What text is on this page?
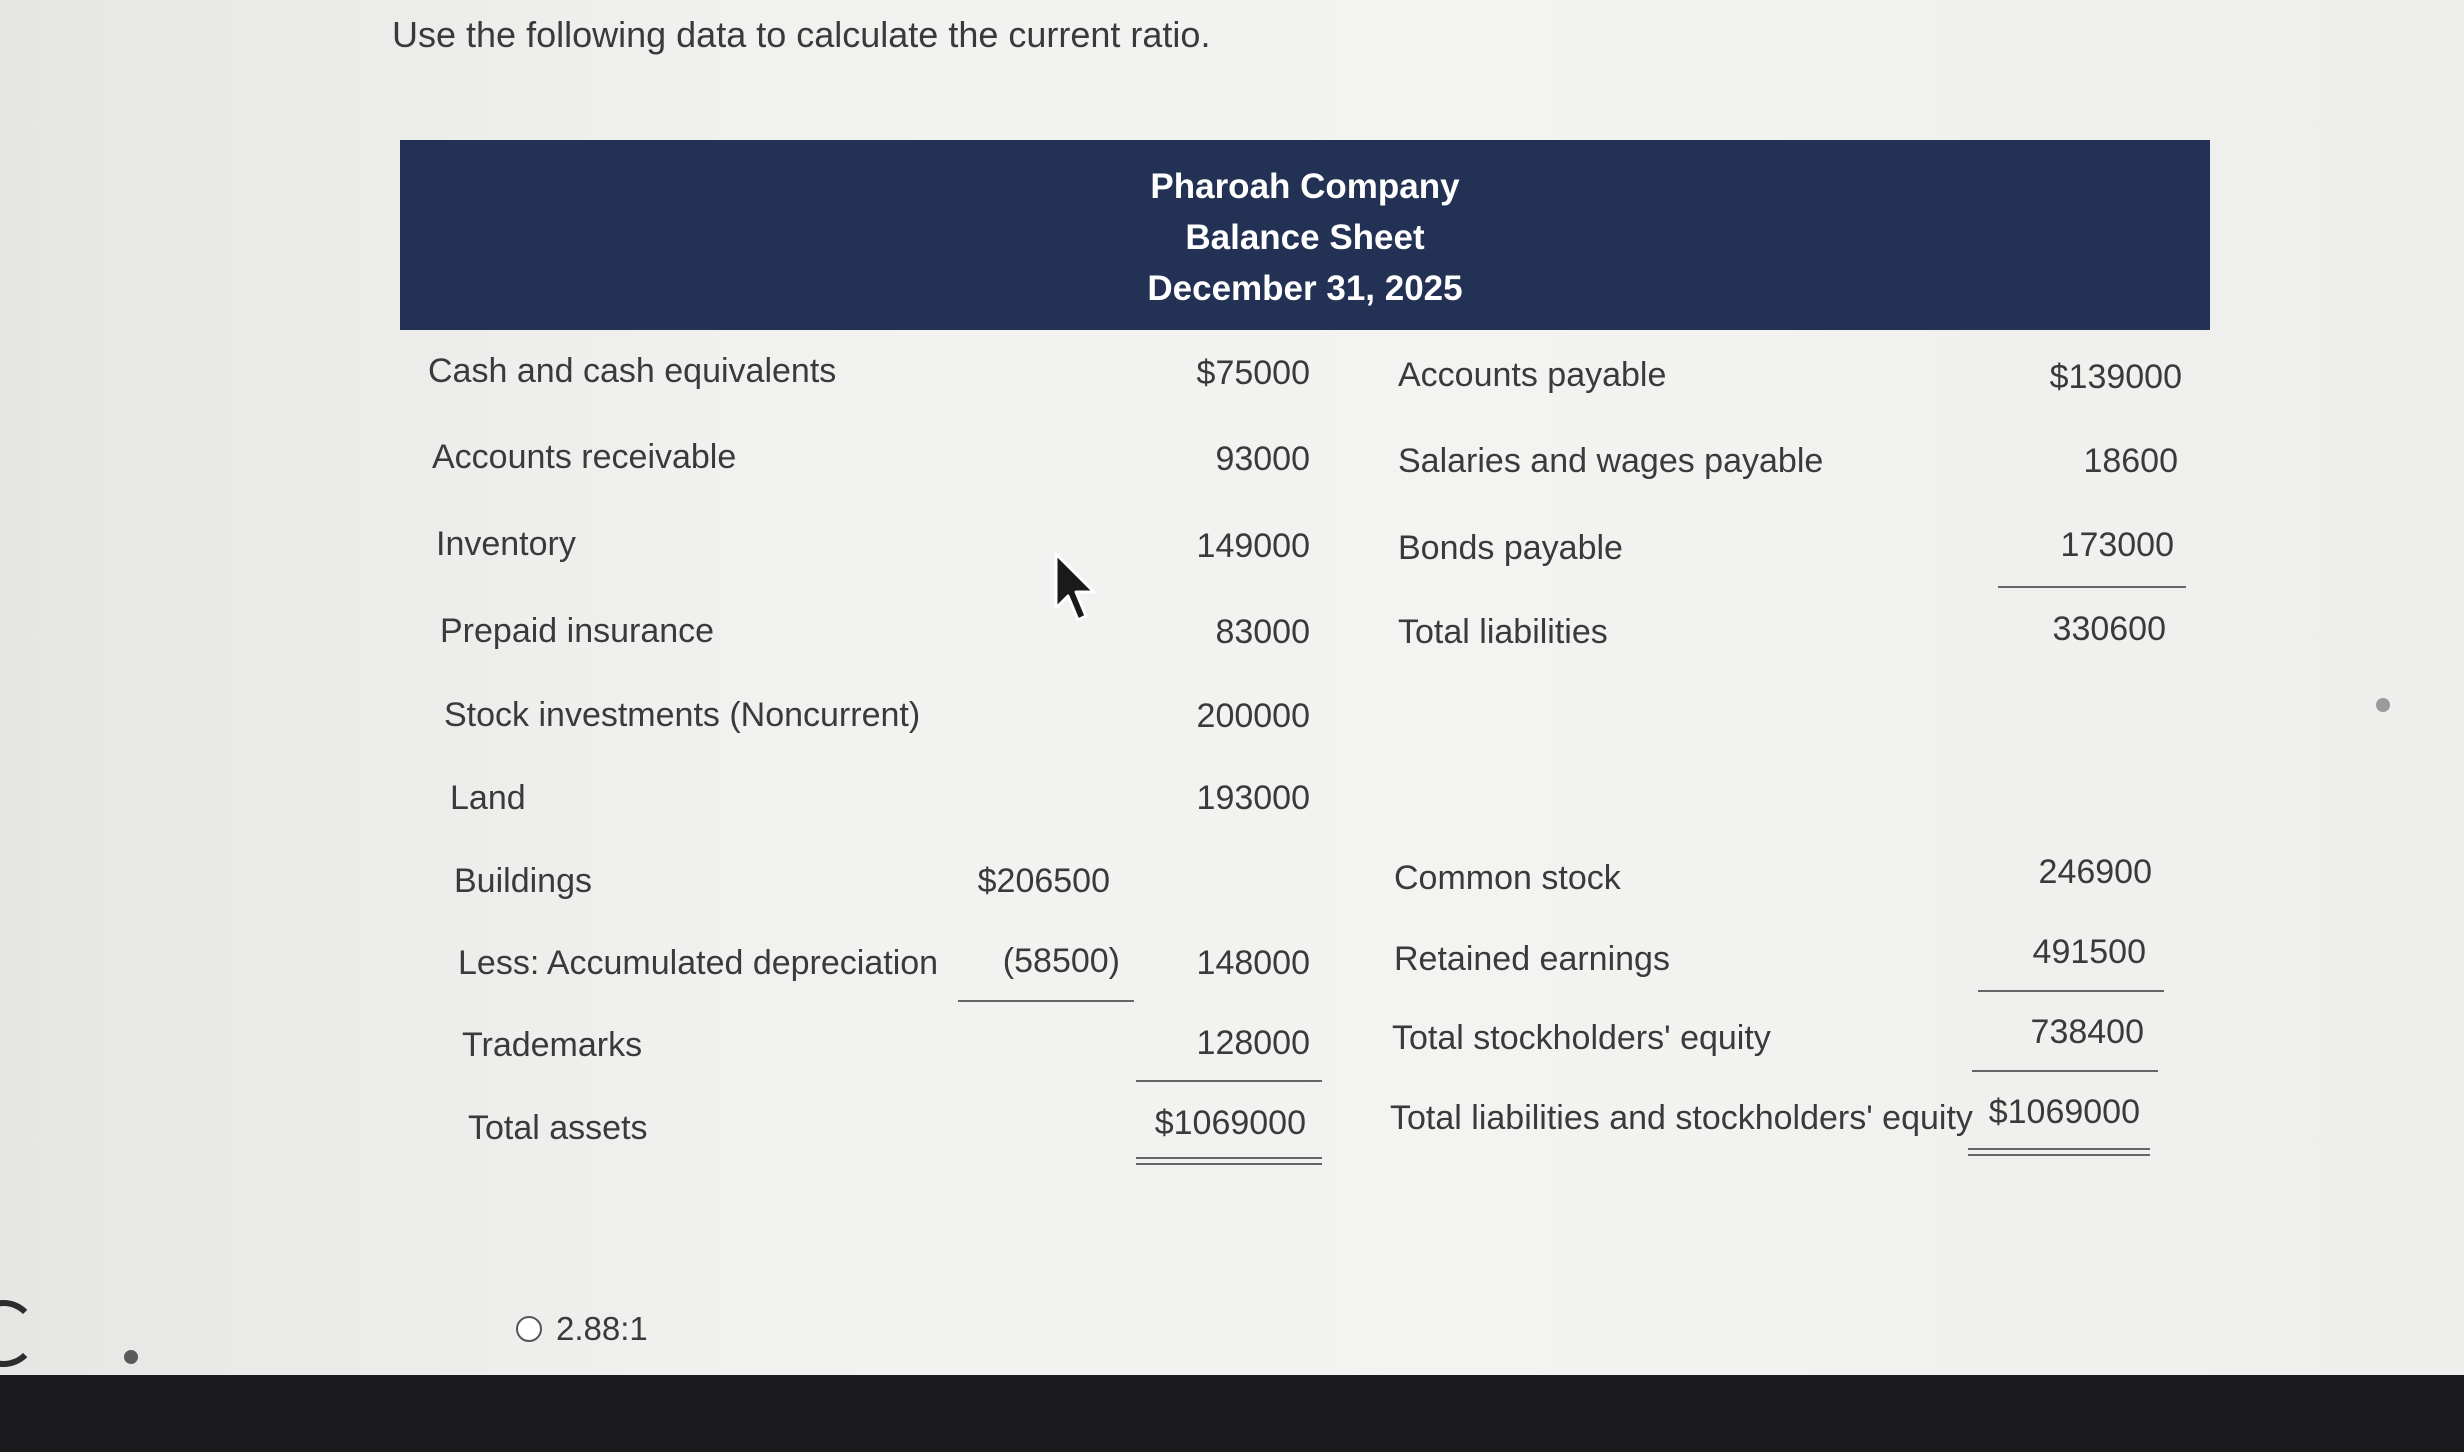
Use the following data to calculate the current ratio.
Pharoah Company
Balance Sheet
December 31, 2025
Cash and cash equivalents	$75000
Accounts receivable	93000
Inventory	149000
Prepaid insurance	83000
Stock investments (Noncurrent)	200000
Land	193000
Buildings	$206500
Less: Accumulated depreciation	(58500)	148000
Trademarks	128000
Total assets	$1069000
Accounts payable	$139000
Salaries and wages payable	18600
Bonds payable	173000
Total liabilities	330600
Common stock	246900
Retained earnings	491500
Total stockholders' equity	738400
Total liabilities and stockholders' equity $1069000
2.88:1
